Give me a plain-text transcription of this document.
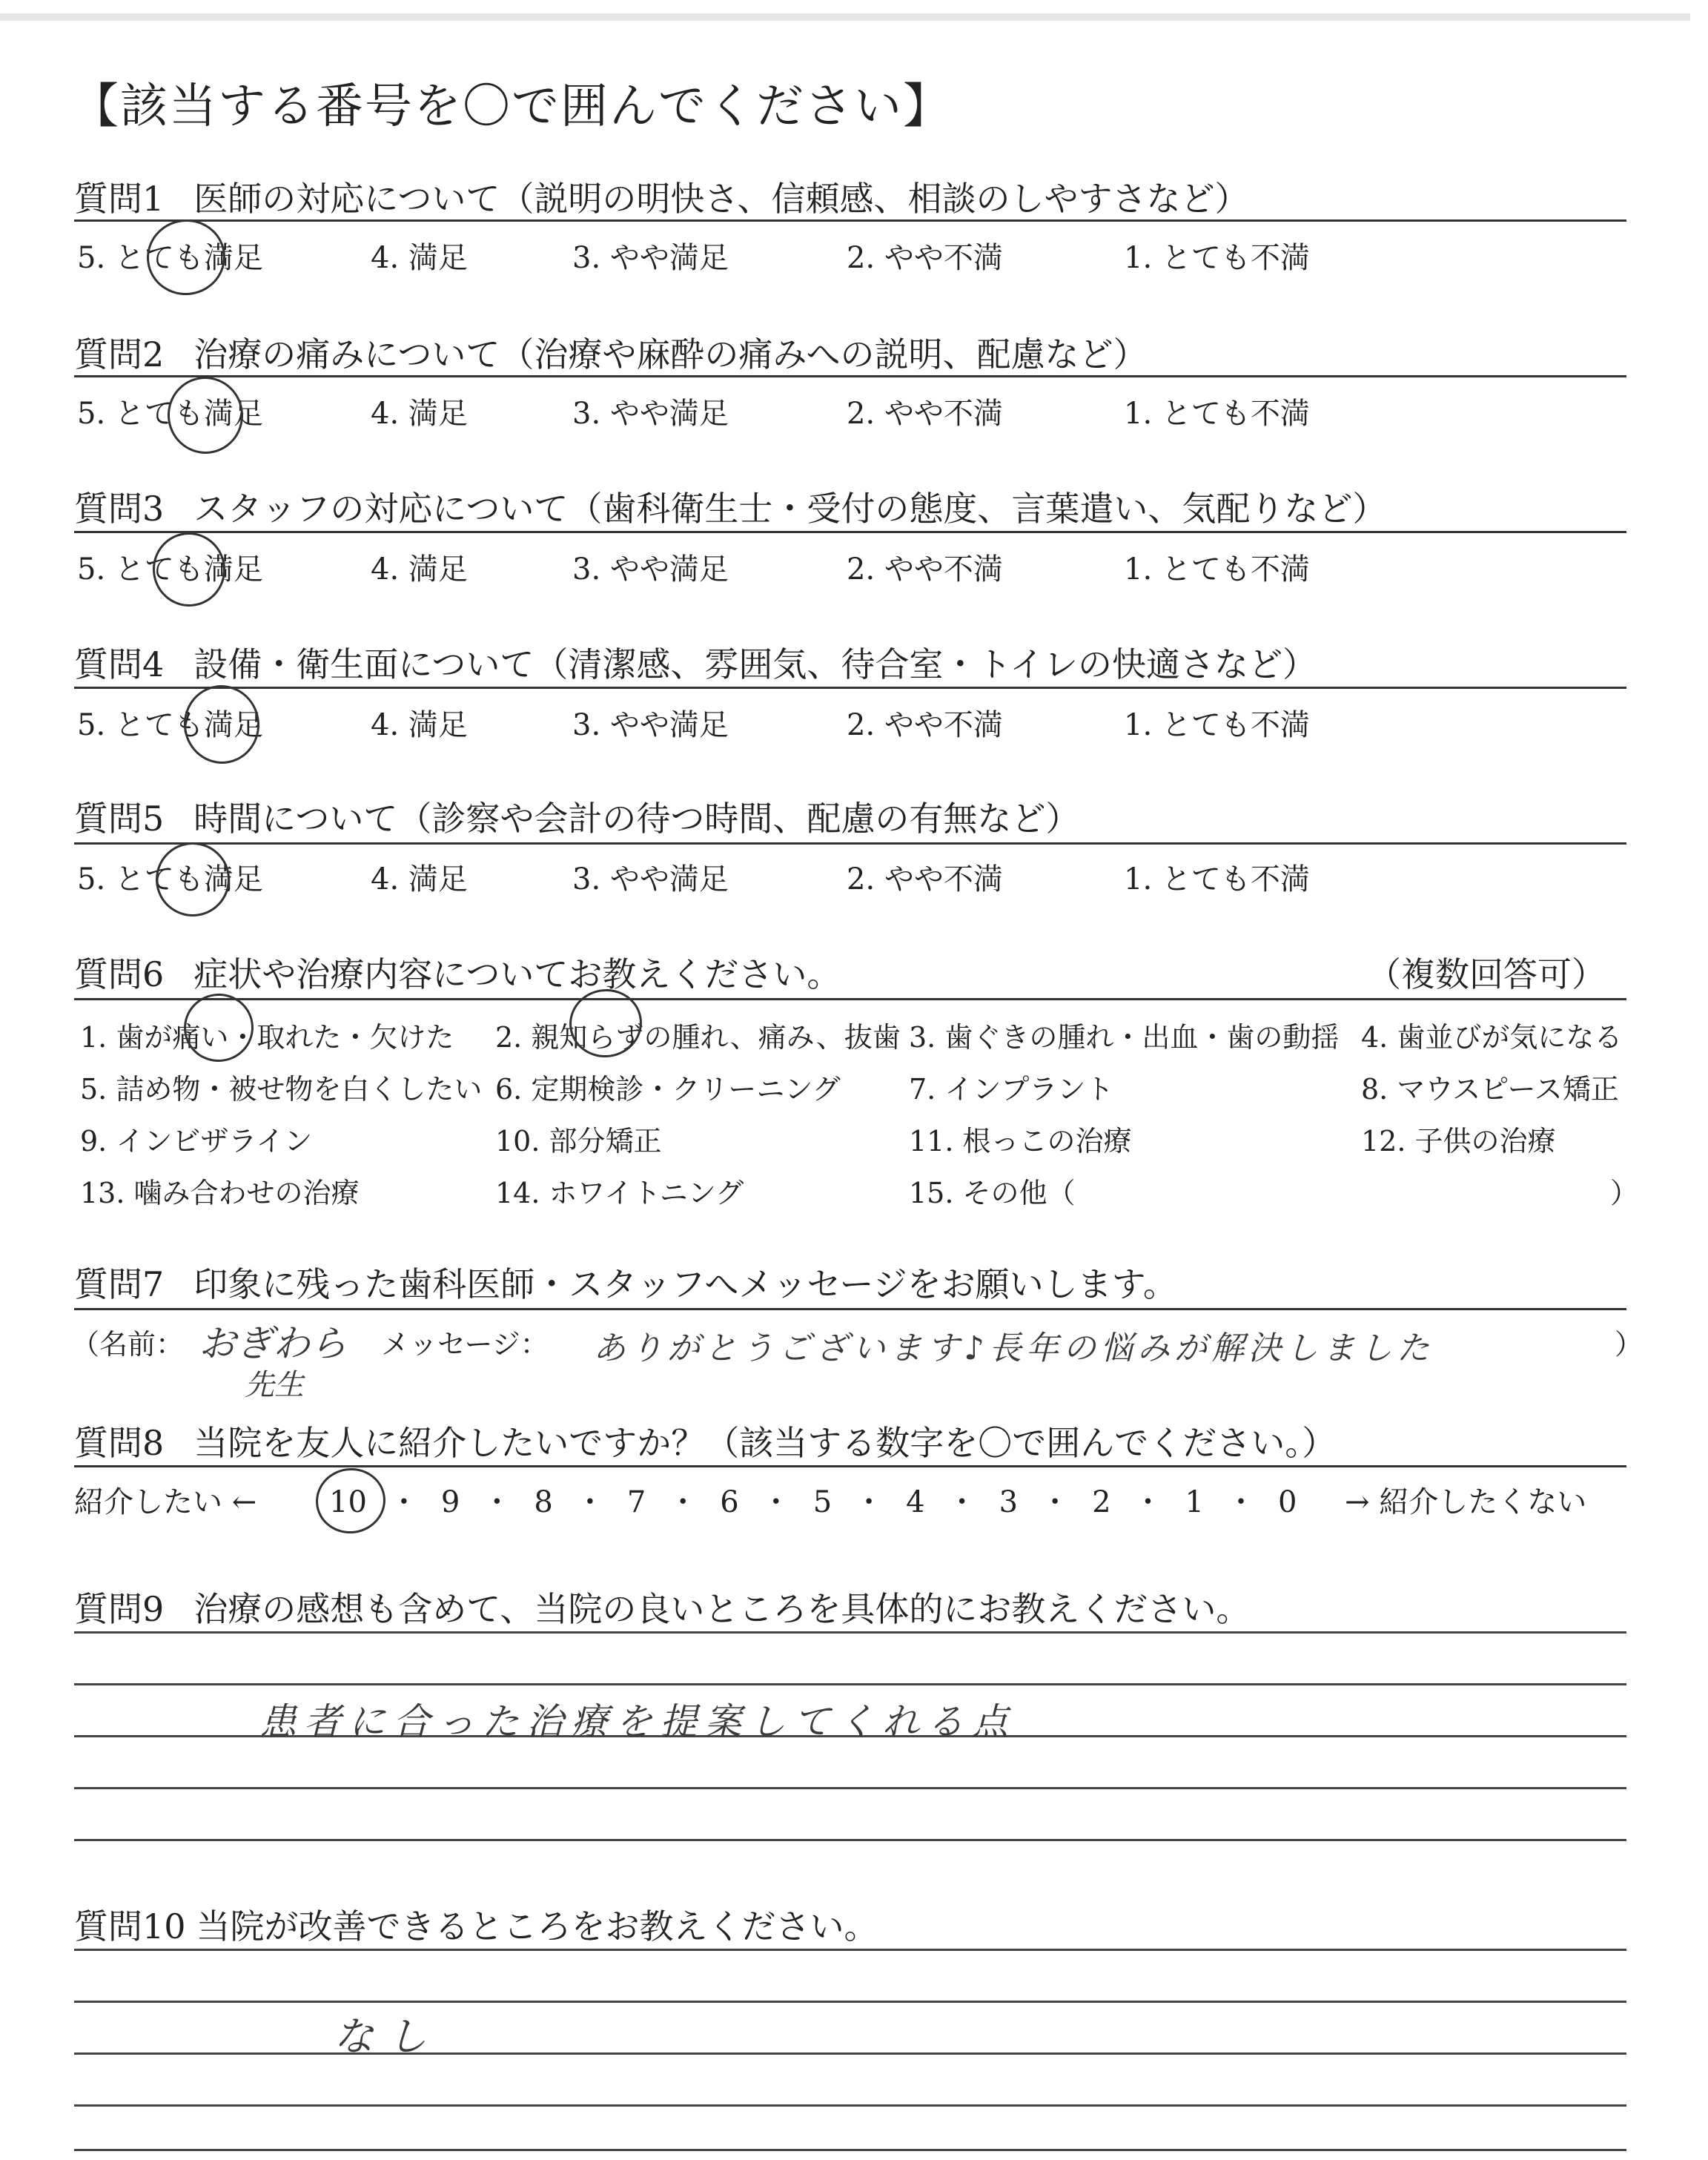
【該当する番号を〇で囲んでください】
質問1 医師の対応について（説明の明快さ、信頼感、相談のしやすさなど）
5. とても満足	4. 満足	3. やや満足	2. やや不満	1. とても不満
質問2 治療の痛みについて（治療や麻酔の痛みへの説明、配慮など）
5. とても満足	4. 満足	3. やや満足	2. やや不満	1. とても不満
質問3 スタッフの対応について（歯科衛生士・受付の態度、言葉遣い、気配りなど）
5. とても満足	4. 満足	3. やや満足	2. やや不満	1. とても不満
質問4 設備・衛生面について（清潔感、雰囲気、待合室・トイレの快適さなど）
5. とても満足	4. 満足	3. やや満足	2. やや不満	1. とても不満
質問5 時間について（診察や会計の待つ時間、配慮の有無など）
5. とても満足	4. 満足	3. やや満足	2. やや不満	1. とても不満
質問6 症状や治療内容についてお教えください。	（複数回答可）
1. 歯が痛い・取れた・欠けた 2. 親知らずの腫れ、痛み、抜歯 3. 歯ぐきの腫れ・出血・歯の動揺 4. 歯並びが気になる
5. 詰め物・被せ物を白くしたい 6. 定期検診・クリーニング 7. インプラント	8. マウスピース矯正
9. インビザライン	10. 部分矯正	11. 根っこの治療	12. 子供の治療
13. 噛み合わせの治療	14. ホワイトニング	15. その他（	）
質問7 印象に残った歯科医師・スタッフへメッセージをお願いします。
（名前： おぎわら
先生
メッセージ： ありがとうございます♪長年の悩みが解決しました	）
質問8 当院を友人に紹介したいですか？（該当する数字を〇で囲んでください。）
紹介したい ← 10 ・ 9 ・ 8 ・ 7 ・ 6 ・ 5 ・ 4 ・ 3 ・ 2 ・ 1 ・ 0 → 紹介したくない
質問9 治療の感想も含めて、当院の良いところを具体的にお教えください。
患者に合った治療を提案してくれる点
質問10 当院が改善できるところをお教えください。
なし
